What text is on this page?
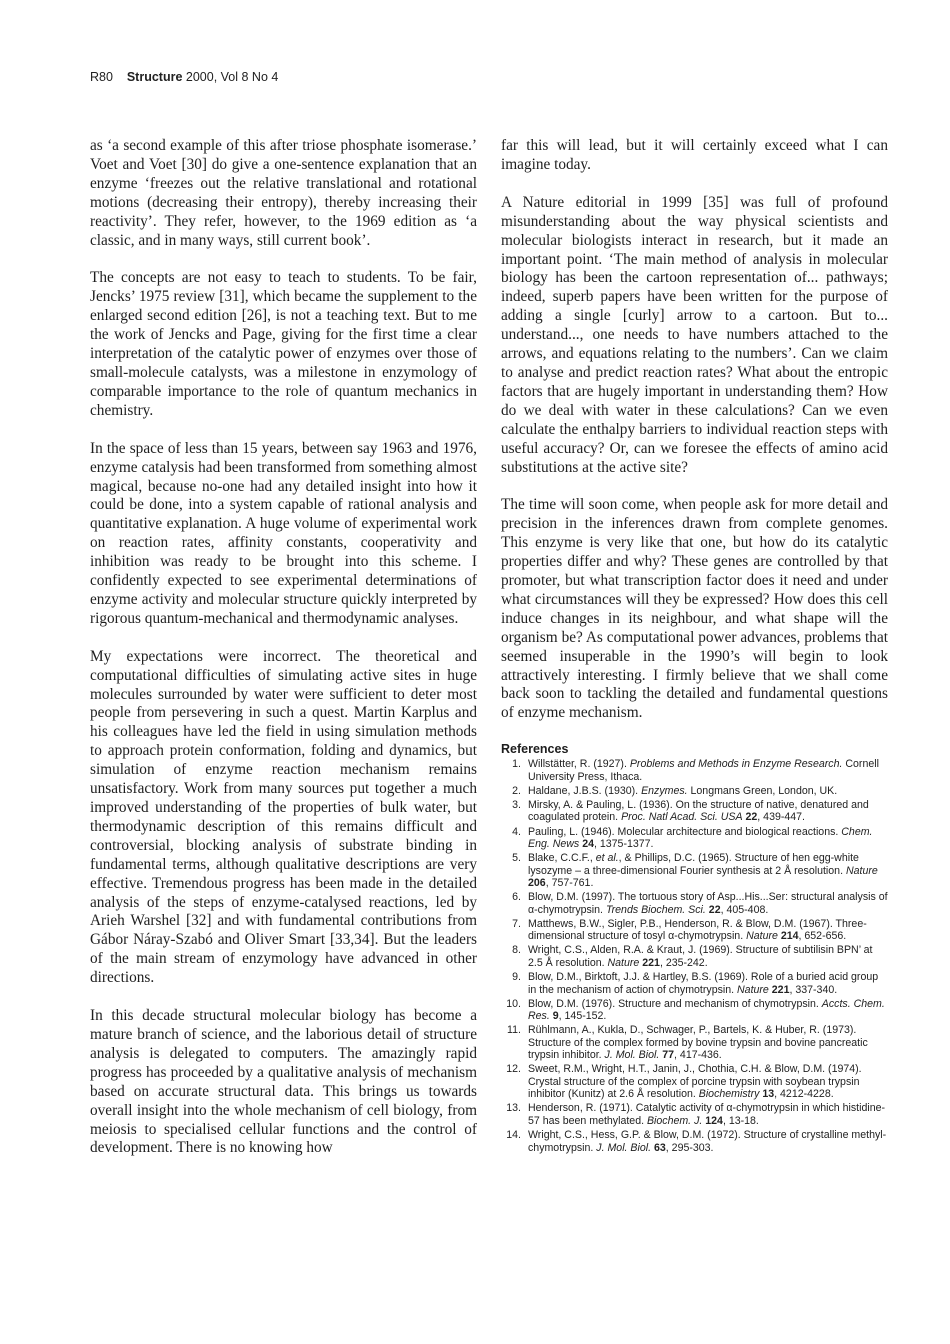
R80 Structure 2000, Vol 8 No 4

as ‘a second example of this after triose phosphate isomerase.’ Voet and Voet [30] do give a one-sentence explanation that an enzyme ‘freezes out the relative translational and rotational motions (decreasing their entropy), thereby increasing their reactivity’. They refer, however, to the 1969 edition as ‘a classic, and in many ways, still current book’.

The concepts are not easy to teach to students. To be fair, Jencks’ 1975 review [31], which became the supplement to the enlarged second edition [26], is not a teaching text. But to me the work of Jencks and Page, giving for the first time a clear interpretation of the catalytic power of enzymes over those of small-molecule catalysts, was a milestone in enzymology of comparable importance to the role of quantum mechanics in chemistry.

In the space of less than 15 years, between say 1963 and 1976, enzyme catalysis had been transformed from something almost magical, because no-one had any detailed insight into how it could be done, into a system capable of rational analysis and quantitative explanation. A huge volume of experimental work on reaction rates, affinity constants, cooperativity and inhibition was ready to be brought into this scheme. I confidently expected to see experimental determinations of enzyme activity and molecular structure quickly interpreted by rigorous quantum-mechanical and thermodynamic analyses.

My expectations were incorrect. The theoretical and computational difficulties of simulating active sites in huge molecules surrounded by water were sufficient to deter most people from persevering in such a quest. Martin Karplus and his colleagues have led the field in using simulation methods to approach protein conformation, folding and dynamics, but simulation of enzyme reaction mechanism remains unsatisfactory. Work from many sources put together a much improved understanding of the properties of bulk water, but thermodynamic description of this remains difficult and controversial, blocking analysis of substrate binding in fundamental terms, although qualitative descriptions are very effective. Tremendous progress has been made in the detailed analysis of the steps of enzyme-catalysed reactions, led by Arieh Warshel [32] and with fundamental contributions from Gábor Náray-Szabó and Oliver Smart [33,34]. But the leaders of the main stream of enzymology have advanced in other directions.

In this decade structural molecular biology has become a mature branch of science, and the laborious detail of structure analysis is delegated to computers. The amazingly rapid progress has proceeded by a qualitative analysis of mechanism based on accurate structural data. This brings us towards overall insight into the whole mechanism of cell biology, from meiosis to specialised cellular functions and the control of development. There is no knowing how

far this will lead, but it will certainly exceed what I can imagine today.

A Nature editorial in 1999 [35] was full of profound misunderstanding about the way physical scientists and molecular biologists interact in research, but it made an important point. ‘The main method of analysis in molecular biology has been the cartoon representation of... pathways; indeed, superb papers have been written for the purpose of adding a single [curly] arrow to a cartoon. But to... understand..., one needs to have numbers attached to the arrows, and equations relating to the numbers’. Can we claim to analyse and predict reaction rates? What about the entropic factors that are hugely important in understanding them? How do we deal with water in these calculations? Can we even calculate the enthalpy barriers to individual reaction steps with useful accuracy? Or, can we foresee the effects of amino acid substitutions at the active site?

The time will soon come, when people ask for more detail and precision in the inferences drawn from complete genomes. This enzyme is very like that one, but how do its catalytic properties differ and why? These genes are controlled by that promoter, but what transcription factor does it need and under what circumstances will they be expressed? How does this cell induce changes in its neighbour, and what shape will the organism be? As computational power advances, problems that seemed insuperable in the 1990’s will begin to look attractively interesting. I firmly believe that we shall come back soon to tackling the detailed and fundamental questions of enzyme mechanism.

References
1. Willstätter, R. (1927). Problems and Methods in Enzyme Research. Cornell University Press, Ithaca.
2. Haldane, J.B.S. (1930). Enzymes. Longmans Green, London, UK.
3. Mirsky, A. & Pauling, L. (1936). On the structure of native, denatured and coagulated protein. Proc. Natl Acad. Sci. USA 22, 439-447.
4. Pauling, L. (1946). Molecular architecture and biological reactions. Chem. Eng. News 24, 1375-1377.
5. Blake, C.C.F., et al., & Phillips, D.C. (1965). Structure of hen egg-white lysozyme – a three-dimensional Fourier synthesis at 2 Å resolution. Nature 206, 757-761.
6. Blow, D.M. (1997). The tortuous story of Asp...His...Ser: structural analysis of α-chymotrypsin. Trends Biochem. Sci. 22, 405-408.
7. Matthews, B.W., Sigler, P.B., Henderson, R. & Blow, D.M. (1967). Three-dimensional structure of tosyl α-chymotrypsin. Nature 214, 652-656.
8. Wright, C.S., Alden, R.A. & Kraut, J. (1969). Structure of subtilisin BPN’ at 2.5 Å resolution. Nature 221, 235-242.
9. Blow, D.M., Birktoft, J.J. & Hartley, B.S. (1969). Role of a buried acid group in the mechanism of action of chymotrypsin. Nature 221, 337-340.
10. Blow, D.M. (1976). Structure and mechanism of chymotrypsin. Accts. Chem. Res. 9, 145-152.
11. Rühlmann, A., Kukla, D., Schwager, P., Bartels, K. & Huber, R. (1973). Structure of the complex formed by bovine trypsin and bovine pancreatic trypsin inhibitor. J. Mol. Biol. 77, 417-436.
12. Sweet, R.M., Wright, H.T., Janin, J., Chothia, C.H. & Blow, D.M. (1974). Crystal structure of the complex of porcine trypsin with soybean trypsin inhibitor (Kunitz) at 2.6 Å resolution. Biochemistry 13, 4212-4228.
13. Henderson, R. (1971). Catalytic activity of α-chymotrypsin in which histidine-57 has been methylated. Biochem. J. 124, 13-18.
14. Wright, C.S., Hess, G.P. & Blow, D.M. (1972). Structure of crystalline methyl-chymotrypsin. J. Mol. Biol. 63, 295-303.
